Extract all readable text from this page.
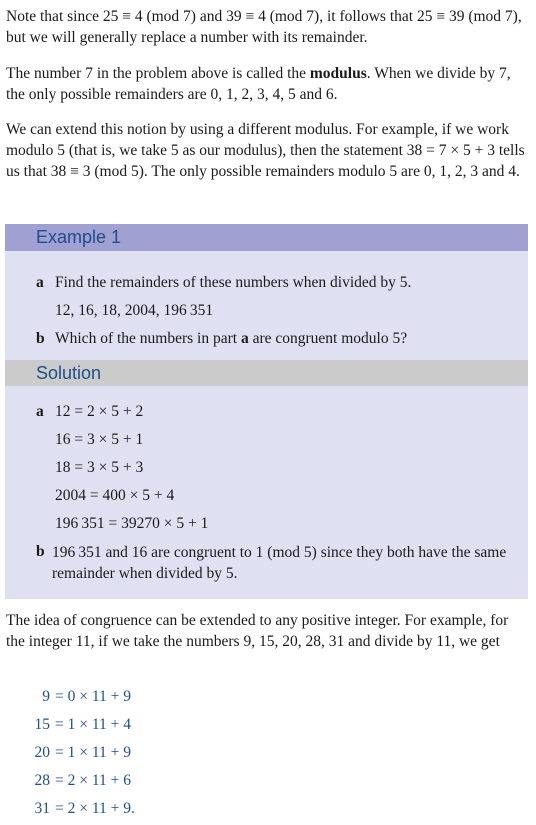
Note that since 25 ≡ 4 (mod 7) and 39 ≡ 4 (mod 7), it follows that 25 ≡ 39 (mod 7), but we will generally replace a number with its remainder.

The number 7 in the problem above is called the modulus. When we divide by 7, the only possible remainders are 0, 1, 2, 3, 4, 5 and 6.

We can extend this notion by using a different modulus. For example, if we work modulo 5 (that is, we take 5 as our modulus), then the statement 38 = 7 × 5 + 3 tells us that 38 ≡ 3 (mod 5). The only possible remainders modulo 5 are 0, 1, 2, 3 and 4.

Example 1
a Find the remainders of these numbers when divided by 5.
12, 16, 18, 2004, 196 351
b Which of the numbers in part a are congruent modulo 5?
Solution
a 12 = 2 × 5 + 2
16 = 3 × 5 + 1
18 = 3 × 5 + 3
2004 = 400 × 5 + 4
196 351 = 39270 × 5 + 1
b 196 351 and 16 are congruent to 1 (mod 5) since they both have the same remainder when divided by 5.

The idea of congruence can be extended to any positive integer. For example, for the integer 11, if we take the numbers 9, 15, 20, 28, 31 and divide by 11, we get

9 = 0 × 11 + 9
15 = 1 × 11 + 4
20 = 1 × 11 + 9
28 = 2 × 11 + 6
31 = 2 × 11 + 9.
